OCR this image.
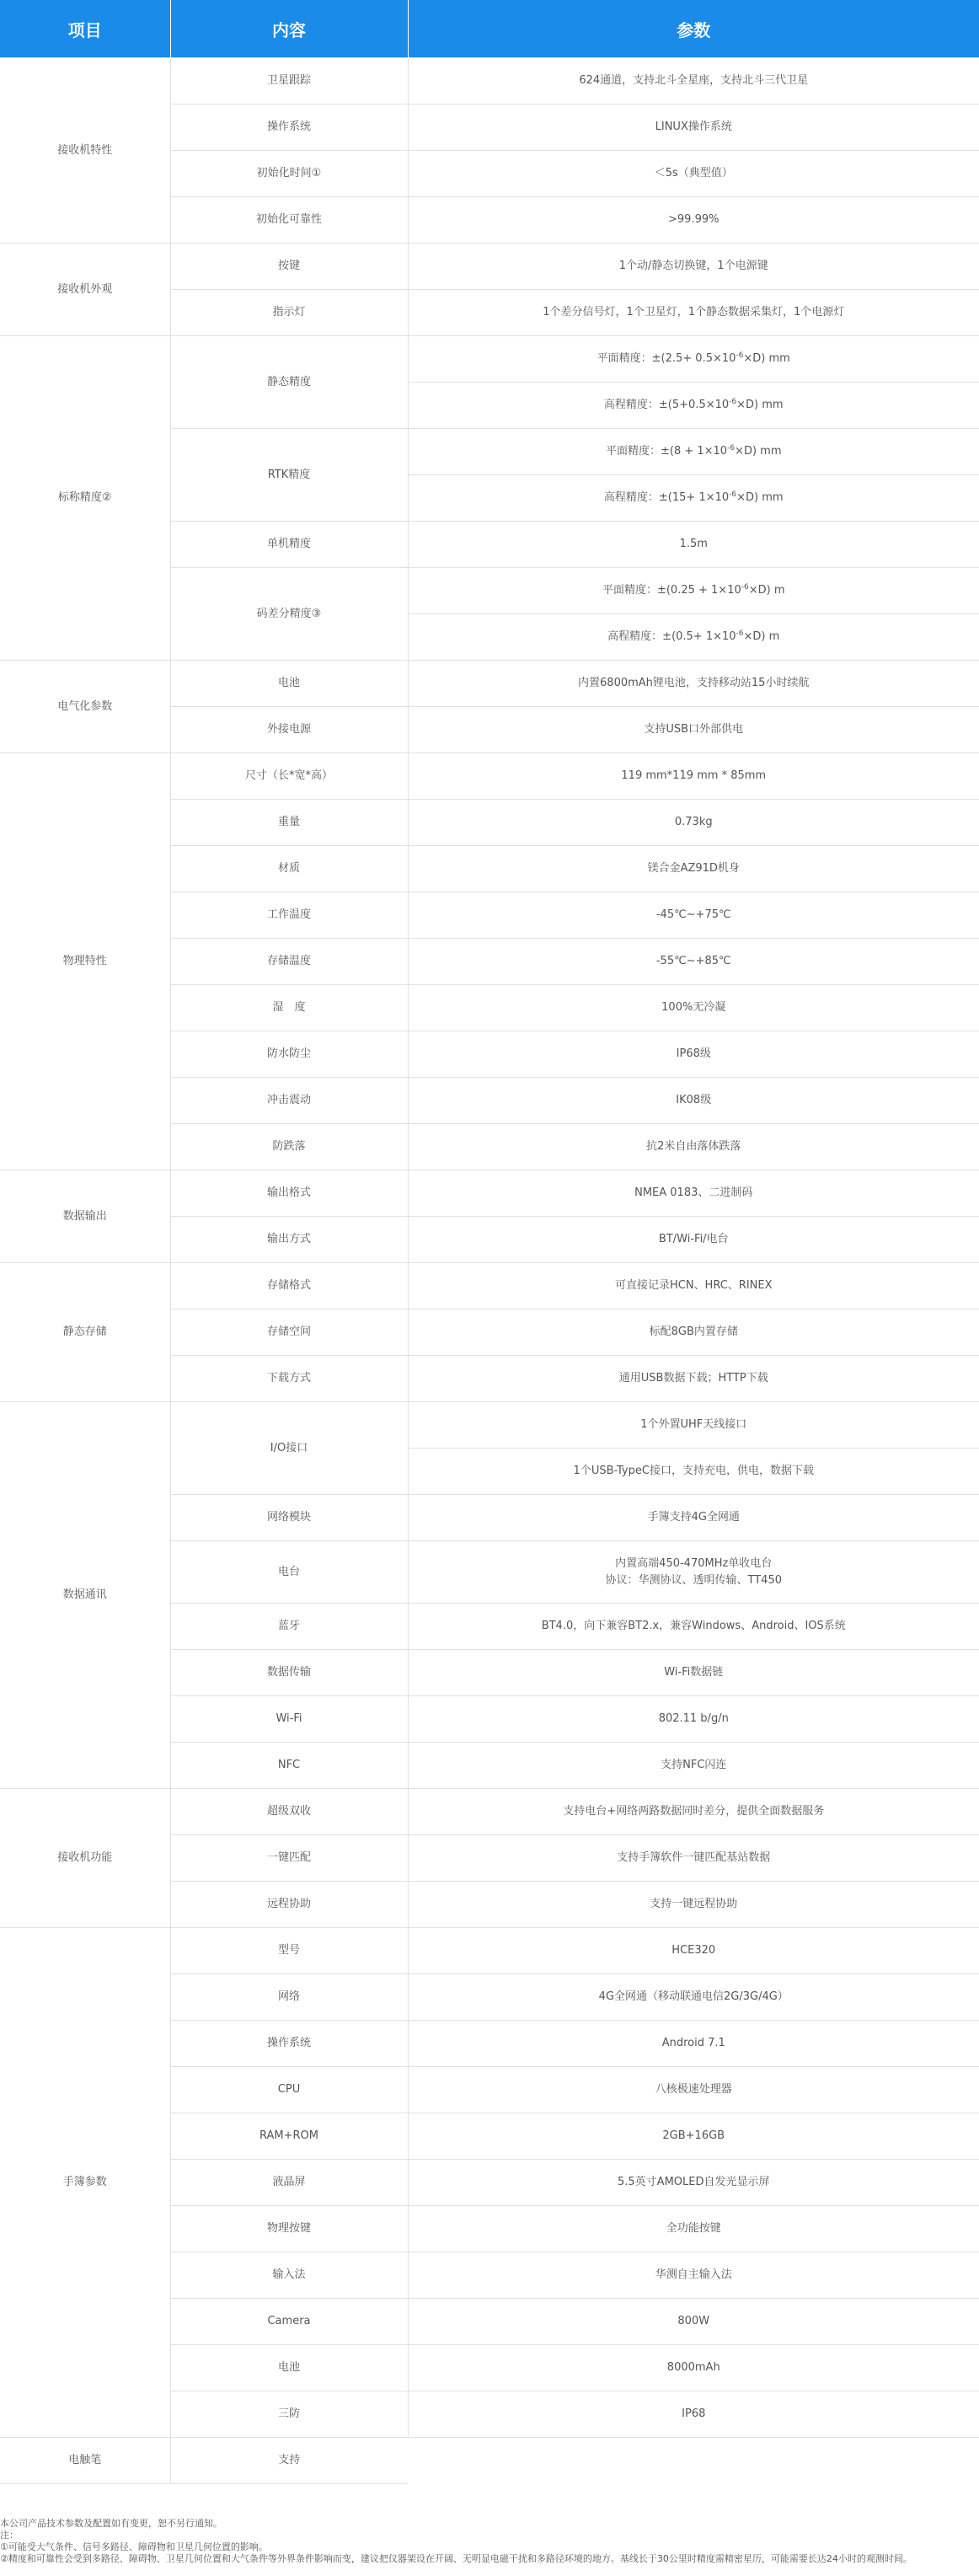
项目	内容	参数
接收机特性	卫星跟踪	624通道，支持北斗全星座，支持北斗三代卫星
	操作系统	LINUX操作系统
	初始化时间①	＜5s（典型值）
	初始化可靠性	>99.99%
接收机外观	按键	1个动/静态切换键，1个电源键
	指示灯	1个差分信号灯，1个卫星灯，1个静态数据采集灯，1个电源灯
标称精度②	静态精度	平面精度：$\pm(2.5+ 0.5\times 10^{-6}\times D)$ mm
		高程精度：$\pm(5+0.5\times 10^{-6}\times D)$ mm
	RTK精度	平面精度：$\pm(8 + 1\times 10^{-6}\times D)$ mm
		高程精度：$\pm(15+ 1\times 10^{-6}\times D)$ mm
	单机精度	1.5m
	码差分精度③	平面精度：$\pm(0.25 + 1\times 10^{-6}\times D)$ m
		高程精度：$\pm(0.5+ 1\times 10^{-6}\times D)$ m
电气化参数	电池	内置6800mAh锂电池，支持移动站15小时续航
	外接电源	支持USB口外部供电
物理特性	尺寸（长*宽*高）	119 mm*119 mm * 85mm
	重量	0.73kg
	材质	镁合金AZ91D机身
	工作温度	-45℃~+75℃
	存储温度	-55℃~+85℃
	湿　度	100%无冷凝
	防水防尘	IP68级
	冲击震动	IK08级
	防跌落	抗2米自由落体跌落
数据输出	输出格式	NMEA 0183、二进制码
	输出方式	BT/Wi-Fi/电台
静态存储	存储格式	可直接记录HCN、HRC、RINEX
	存储空间	标配8GB内置存储
	下载方式	通用USB数据下载；HTTP下载
数据通讯	I/O接口	1个外置UHF天线接口
		1个USB-TypeC接口，支持充电，供电，数据下载
	网络模块	手簿支持4G全网通
	电台	内置高端450-470MHz单收电台
协议：华测协议、透明传输、TT450
	蓝牙	BT4.0，向下兼容BT2.x，兼容Windows、Android、IOS系统
	数据传输	Wi-Fi数据链
	Wi-Fi	802.11 b/g/n
	NFC	支持NFC闪连
接收机功能	超级双收	支持电台+网络两路数据同时差分，提供全面数据服务
	一键匹配	支持手簿软件一键匹配基站数据
	远程协助	支持一键远程协助
手簿参数	型号	HCE320
	网络	4G全网通（移动联通电信2G/3G/4G）
	操作系统	Android 7.1
	CPU	八核极速处理器
	RAM+ROM	2GB+16GB
	液晶屏	5.5英寸AMOLED自发光显示屏
	物理按键	全功能按键
	输入法	华测自主输入法
	Camera	800W
	电池	8000mAh
	三防	IP68
电触笔	支持	
本公司产品技术参数及配置如有变更，恕不另行通知。
注：
①可能受大气条件、信号多路径、障碍物和卫星几何位置的影响。
②精度和可靠性会受到多路径、障碍物、卫星几何位置和大气条件等外界条件影响而变，建议把仪器架设在开阔、无明显电磁干扰和多路径环境的地方。基线长于30公里时精度需精密星历，可能需要长达24小时的观测时间。
